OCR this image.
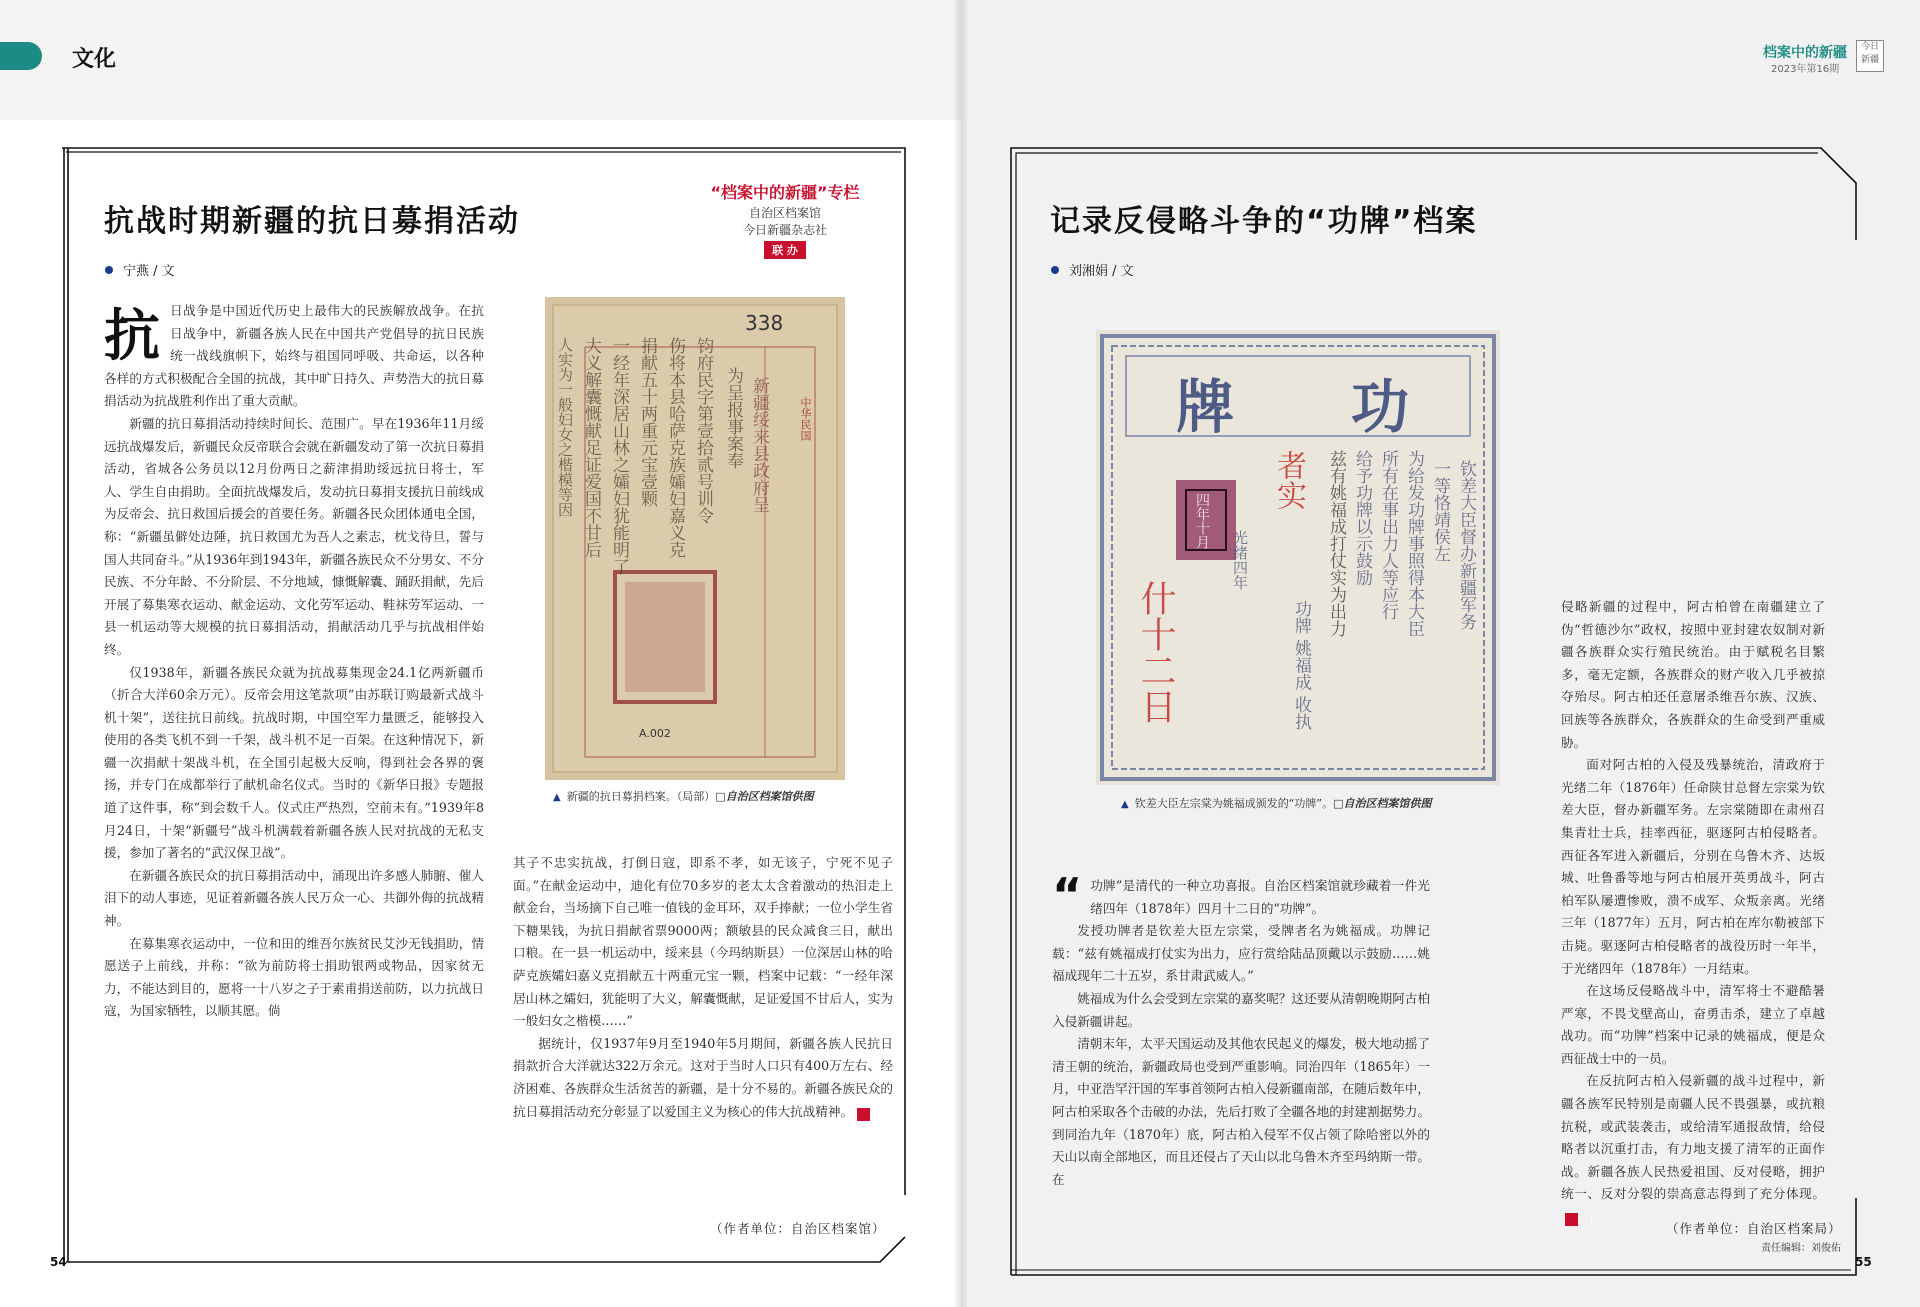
文化
抗战时期新疆的抗日募捐活动
宁燕 / 文
“档案中的新疆”专栏
自治区档案馆
今日新疆杂志社
联 办

抗日战争是中国近代历史上最伟大的民族解放战争。在抗日战争中，新疆各族人民在中国共产党倡导的抗日民族统一战线旗帜下，始终与祖国同呼吸、共命运，以各种各样的方式积极配合全国的抗战，其中旷日持久、声势浩大的抗日募捐活动为抗战胜利作出了重大贡献。

新疆的抗日募捐活动持续时间长、范围广。早在1936年11月绥远抗战爆发后，新疆民众反帝联合会就在新疆发动了第一次抗日募捐活动，省城各公务员以12月份两日之薪津捐助绥远抗日将士，军人、学生自由捐助。全面抗战爆发后，发动抗日募捐支援抗日前线成为反帝会、抗日救国后援会的首要任务。新疆各民众团体通电全国，称：“新疆虽僻处边陲，抗日救国尤为吾人之素志，枕戈待旦，誓与国人共同奋斗。”从1936年到1943年，新疆各族民众不分男女、不分民族、不分年龄、不分阶层、不分地域，慷慨解囊、踊跃捐献，先后开展了募集寒衣运动、献金运动、文化劳军运动、鞋袜劳军运动、一县一机运动等大规模的抗日募捐活动，捐献活动几乎与抗战相伴始终。

仅1938年，新疆各族民众就为抗战募集现金24.1亿两新疆币（折合大洋60余万元）。反帝会用这笔款项“由苏联订购最新式战斗机十架”，送往抗日前线。抗战时期，中国空军力量匮乏，能够投入使用的各类飞机不到一千架，战斗机不足一百架。在这种情况下，新疆一次捐献十架战斗机，在全国引起极大反响，得到社会各界的褒扬，并专门在成都举行了献机命名仪式。当时的《新华日报》专题报道了这件事，称“到会数千人。仪式庄严热烈，空前未有。”1939年8月24日，十架“新疆号”战斗机满载着新疆各族人民对抗战的无私支援，参加了著名的“武汉保卫战”。

在新疆各族民众的抗日募捐活动中，涌现出许多感人肺腑、催人泪下的动人事迹，见证着新疆各族人民万众一心、共御外侮的抗战精神。

在募集寒衣运动中，一位和田的维吾尔族贫民艾沙无钱捐助，情愿送子上前线，并称：“欲为前防将士捐助银两或物品，因家贫无力，不能达到目的，愿将一十八岁之子于素甫捐送前防，以力抗战日寇，为国家牺牲，以顺其愿。倘

338
中华民国
A.002
新疆绥来县政府呈
为呈报事案奉
钧府民字第壹拾贰号训令
伤将本县哈萨克族孀妇嘉义克
捐献五十两重元宝壹颗
一经年深居山林之孀妇犹能明了
大义解囊慨献足证爱国不甘后
人实为一般妇女之楷模等因
▲ 新疆的抗日募捐档案。（局部）□自治区档案馆供图

其子不忠实抗战，打倒日寇，即系不孝，如无该子，宁死不见子面。”在献金运动中，迪化有位70多岁的老太太含着激动的热泪走上献金台，当场摘下自己唯一值钱的金耳环，双手捧献；一位小学生省下糖果钱，为抗日捐献省票9000两；额敏县的民众减食三日，献出口粮。在一县一机运动中，绥来县（今玛纳斯县）一位深居山林的哈萨克族孀妇嘉义克捐献五十两重元宝一颗，档案中记载：“一经年深居山林之孀妇，犹能明了大义，解囊慨献，足证爱国不甘后人，实为一般妇女之楷模……”

据统计，仅1937年9月至1940年5月期间，新疆各族人民抗日捐款折合大洋就达322万余元。这对于当时人口只有400万左右、经济困难、各族群众生活贫苦的新疆，是十分不易的。新疆各族民众的抗日募捐活动充分彰显了以爱国主义为核心的伟大抗战精神。	J

（作者单位：自治区档案馆）
54
档案中的新疆
2023年第16期
今日新疆
记录反侵略斗争的“功牌”档案
刘湘娟 / 文
牌 功
四年十月
者实
什十二日
钦差大臣督办新疆军务
一等恪靖侯左
为给发功牌事照得本大臣
所有在事出力人等应行
给予功牌以示鼓励
兹有姚福成打仗实为出力
光绪四年
功牌 姚福成 收执
▲ 钦差大臣左宗棠为姚福成颁发的“功牌”。□自治区档案馆供图

“ 功牌”是清代的一种立功喜报。自治区档案馆就珍藏着一件光绪四年（1878年）四月十二日的“功牌”。

发授功牌者是钦差大臣左宗棠，受牌者名为姚福成。功牌记载：“兹有姚福成打仗实为出力，应行赏给陆品顶戴以示鼓励……姚福成现年二十五岁，系甘肃武威人。”

姚福成为什么会受到左宗棠的嘉奖呢？这还要从清朝晚期阿古柏入侵新疆讲起。

清朝末年，太平天国运动及其他农民起义的爆发，极大地动摇了清王朝的统治，新疆政局也受到严重影响。同治四年（1865年）一月，中亚浩罕汗国的军事首领阿古柏入侵新疆南部，在随后数年中，阿古柏采取各个击破的办法，先后打败了全疆各地的封建割据势力。到同治九年（1870年）底，阿古柏入侵军不仅占领了除哈密以外的天山以南全部地区，而且还侵占了天山以北乌鲁木齐至玛纳斯一带。在

侵略新疆的过程中，阿古柏曾在南疆建立了伪“哲德沙尔”政权，按照中亚封建农奴制对新疆各族群众实行殖民统治。由于赋税名目繁多，毫无定额，各族群众的财产收入几乎被掠夺殆尽。阿古柏还任意屠杀维吾尔族、汉族、回族等各族群众，各族群众的生命受到严重威胁。

面对阿古柏的入侵及残暴统治，清政府于光绪二年（1876年）任命陕甘总督左宗棠为钦差大臣，督办新疆军务。左宗棠随即在肃州召集青壮士兵，挂率西征，驱逐阿古柏侵略者。西征各军进入新疆后，分别在乌鲁木齐、达坂城、吐鲁番等地与阿古柏展开英勇战斗，阿古柏军队屡遭惨败，溃不成军、众叛亲离。光绪三年（1877年）五月，阿古柏在库尔勒被部下击毙。驱逐阿古柏侵略者的战役历时一年半，于光绪四年（1878年）一月结束。

在这场反侵略战斗中，清军将士不避酷暑严寒，不畏戈壁高山，奋勇击杀，建立了卓越战功。而“功牌”档案中记录的姚福成，便是众西征战士中的一员。

在反抗阿古柏入侵新疆的战斗过程中，新疆各族军民特别是南疆人民不畏强暴，或抗粮抗税，或武装袭击，或给清军通报敌情，给侵略者以沉重打击，有力地支援了清军的正面作战。新疆各族人民热爱祖国、反对侵略，拥护统一、反对分裂的崇高意志得到了充分体现。J

（作者单位：自治区档案局）
责任编辑：刘俊佑
55
